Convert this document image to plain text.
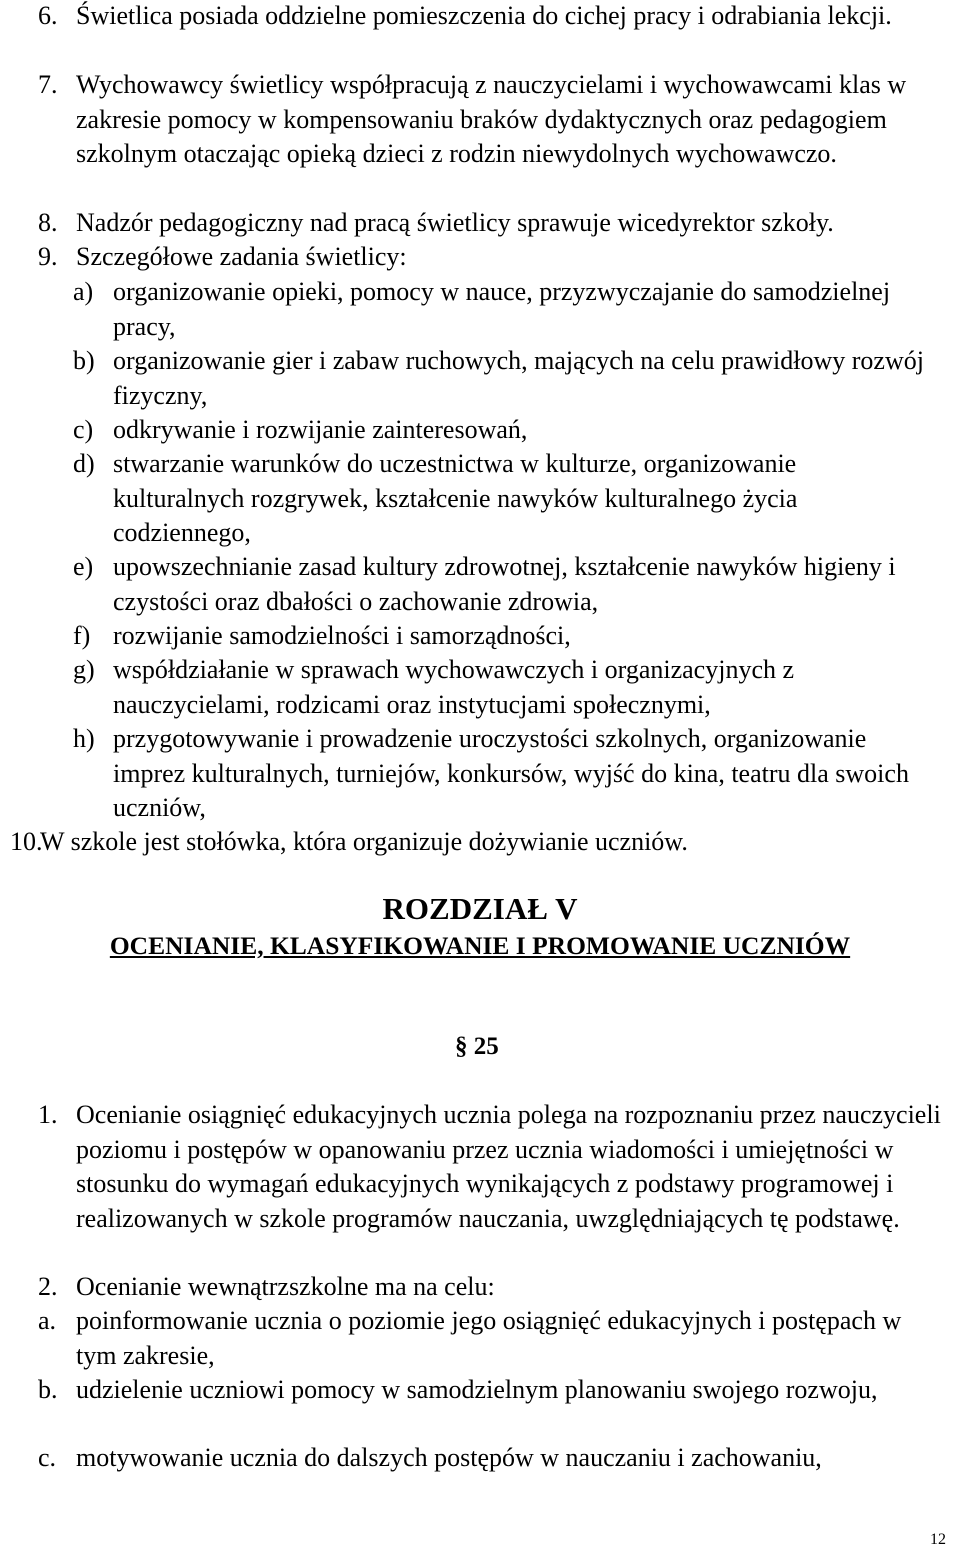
6. Świetlica posiada oddzielne pomieszczenia do cichej pracy i odrabiania lekcji.
7. Wychowawcy świetlicy współpracują z nauczycielami i wychowawcami klas w zakresie pomocy w kompensowaniu braków dydaktycznych oraz pedagogiem szkolnym otaczając opieką dzieci z rodzin niewydolnych wychowawczo.
8. Nadzór pedagogiczny nad pracą świetlicy sprawuje wicedyrektor szkoły.
9. Szczegółowe zadania świetlicy:
a) organizowanie opieki, pomocy w nauce, przyzwyczajanie do samodzielnej pracy,
b) organizowanie gier i zabaw ruchowych, mających na celu prawidłowy rozwój fizyczny,
c) odkrywanie i rozwijanie zainteresowań,
d) stwarzanie warunków do uczestnictwa w kulturze, organizowanie kulturalnych rozgrywek, kształcenie nawyków kulturalnego życia codziennego,
e) upowszechnianie zasad kultury zdrowotnej, kształcenie nawyków higieny i czystości oraz dbałości o zachowanie zdrowia,
f) rozwijanie samodzielności i samorządności,
g) współdziałanie w sprawach wychowawczych i organizacyjnych z nauczycielami, rodzicami oraz instytucjami społecznymi,
h) przygotowywanie i prowadzenie uroczystości szkolnych, organizowanie imprez kulturalnych, turniejów, konkursów, wyjść do kina, teatru dla swoich uczniów,
10.
W szkole jest stołówka, która organizuje dożywianie uczniów.
ROZDZIAŁ V
OCENIANIE, KLASYFIKOWANIE I PROMOWANIE UCZNIÓW
§ 25
1. Ocenianie osiągnięć edukacyjnych ucznia polega na rozpoznaniu przez nauczycieli poziomu i postępów w opanowaniu przez ucznia wiadomości i umiejętności w stosunku do wymagań edukacyjnych wynikających z podstawy programowej i realizowanych w szkole programów nauczania, uwzględniających tę podstawę.
2. Ocenianie wewnątrzszkolne ma na celu:
a. poinformowanie ucznia o poziomie jego osiągnięć edukacyjnych i postępach w tym zakresie,
b. udzielenie uczniowi pomocy w samodzielnym planowaniu swojego rozwoju,
c. motywowanie ucznia do dalszych postępów w nauczaniu i zachowaniu,
12
